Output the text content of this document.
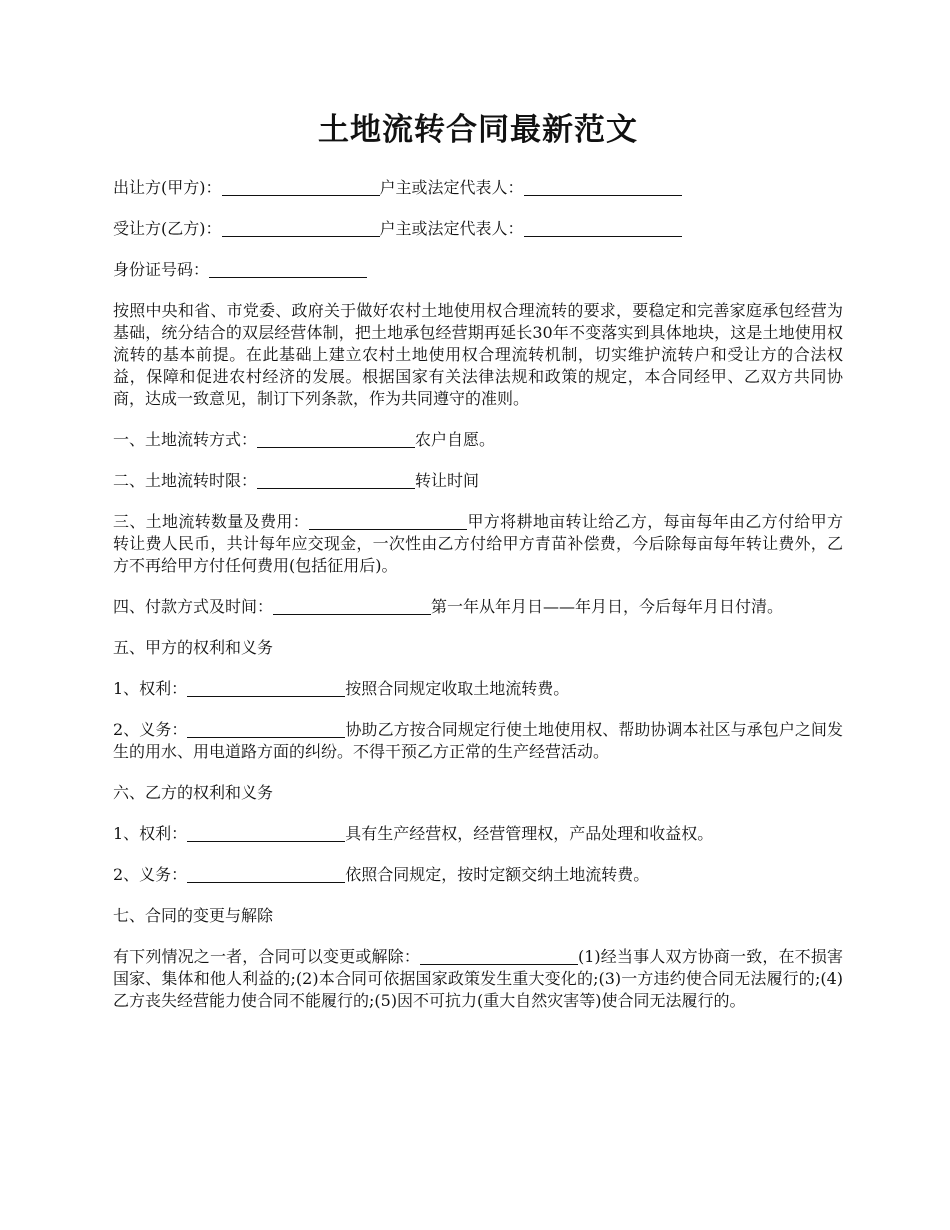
土地流转合同最新范文

出让方(甲方)：	户主或法定代表人：

受让方(乙方)：	户主或法定代表人：

身份证号码：

按照中央和省、市党委、政府关于做好农村土地使用权合理流转的要求，要稳定和完善家庭承包经营为基础，统分结合的双层经营体制，把土地承包经营期再延长30年不变落实到具体地块，这是土地使用权流转的基本前提。在此基础上建立农村土地使用权合理流转机制，切实维护流转户和受让方的合法权益，保障和促进农村经济的发展。根据国家有关法律法规和政策的规定，本合同经甲、乙双方共同协商，达成一致意见，制订下列条款，作为共同遵守的准则。

一、土地流转方式：	农户自愿。

二、土地流转时限：	转让时间

三、土地流转数量及费用：	甲方将耕地亩转让给乙方，每亩每年由乙方付给甲方转让费人民币，共计每年应交现金，一次性由乙方付给甲方青苗补偿费，今后除每亩每年转让费外，乙方不再给甲方付任何费用(包括征用后)。

四、付款方式及时间：	第一年从年月日——年月日，今后每年月日付清。

五、甲方的权利和义务

1、权利：	按照合同规定收取土地流转费。

2、义务：	协助乙方按合同规定行使土地使用权、帮助协调本社区与承包户之间发生的用水、用电道路方面的纠纷。不得干预乙方正常的生产经营活动。

六、乙方的权利和义务

1、权利：	具有生产经营权，经营管理权，产品处理和收益权。

2、义务：	依照合同规定，按时定额交纳土地流转费。

七、合同的变更与解除

有下列情况之一者，合同可以变更或解除：	(1)经当事人双方协商一致，在不损害国家、集体和他人利益的;(2)本合同可依据国家政策发生重大变化的;(3)一方违约使合同无法履行的;(4)乙方丧失经营能力使合同不能履行的;(5)因不可抗力(重大自然灾害等)使合同无法履行的。
